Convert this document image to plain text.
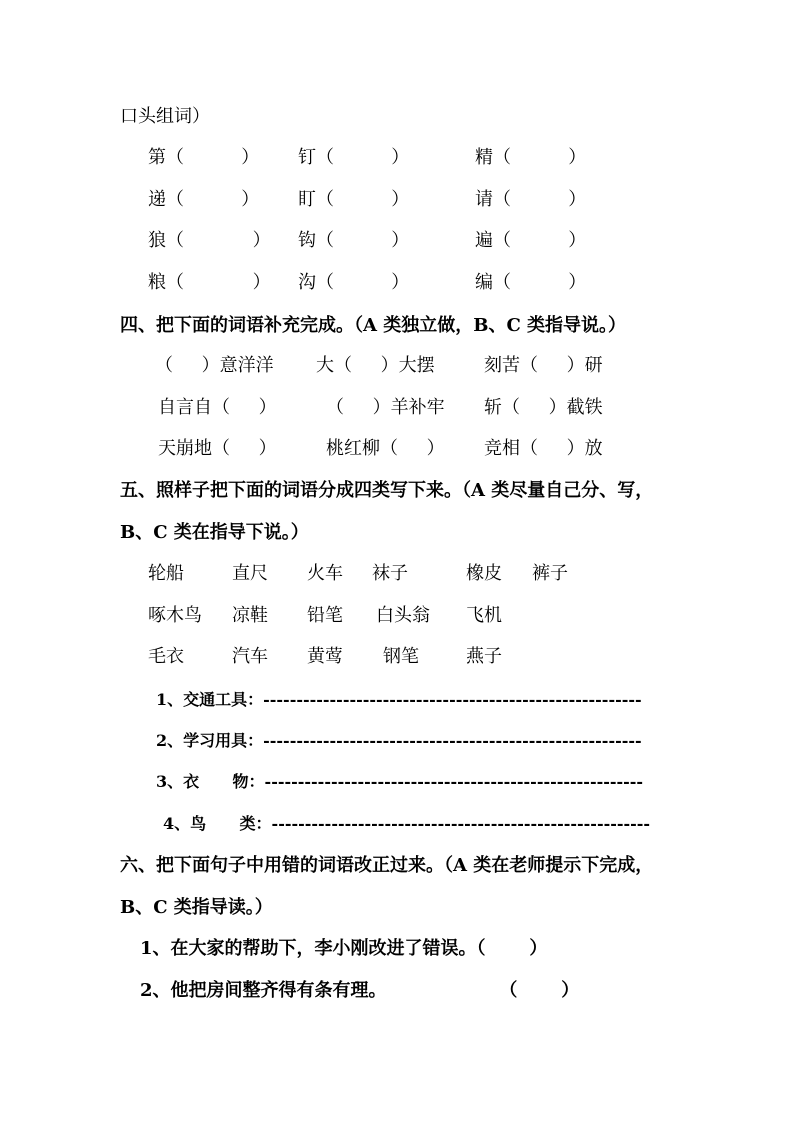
口头组词）
第（          ） 钉（          ）	精（          ）
递（          ） 盯（          ）	请（          ）
狼（            ） 钩（          ）	遍（          ）
粮（            ） 沟（          ）	编（          ）
四、把下面的词语补充完成。（A 类独立做，B、C 类指导说。）
（     ）意洋洋 大（     ）大摆	刻苦（     ）研
自言自（     ）	（     ）羊补牢 斩（     ）截铁
天崩地（     ）	桃红柳（     ） 竞相（     ）放
五、照样子把下面的词语分成四类写下来。（A 类尽量自己分、写，
B、C 类在指导下说。）
轮船	直尺 火车 袜子	橡皮 裤子
啄木鸟 凉鞋 铅笔 白头翁 飞机
毛衣	汽车 黄莺 钢笔	燕子
1、交通工具：---------------------------------------------------------
2、学习用具：---------------------------------------------------------
3、衣      物：---------------------------------------------------------
4、鸟      类：---------------------------------------------------------
六、把下面句子中用错的词语改正过来。（A 类在老师提示下完成，
B、C 类指导读。）
1、在大家的帮助下，李小刚改进了错误。（       ）
2、他把房间整齐得有条有理。                  （       ）
